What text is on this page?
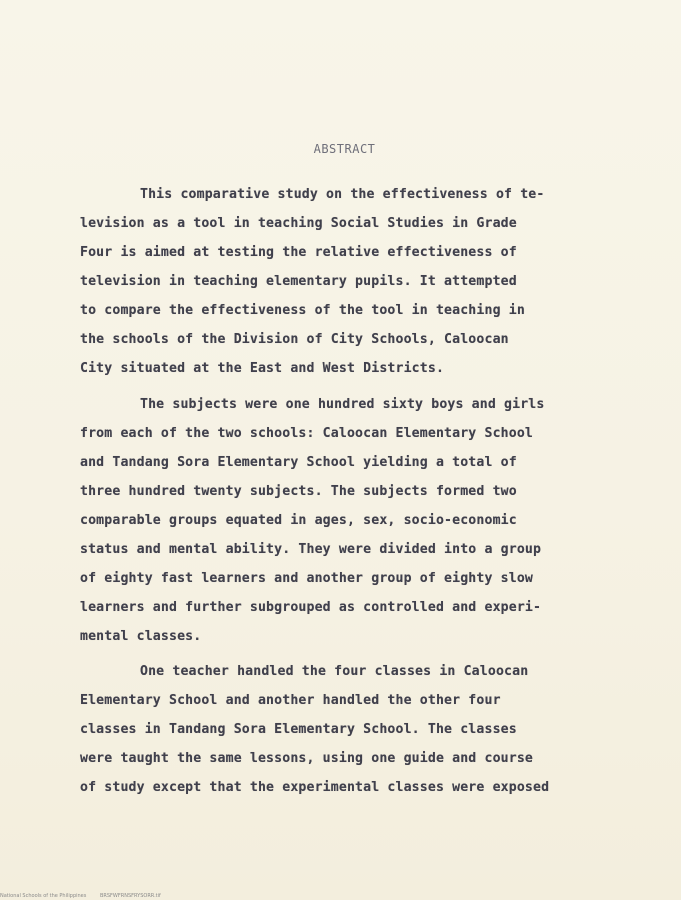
ABSTRACT
This comparative study on the effectiveness of te-
levision as a tool in teaching Social Studies in Grade
Four is aimed at testing the relative effectiveness of
television in teaching elementary pupils. It attempted
to compare the effectiveness of the tool in teaching in
the schools of the Division of City Schools, Caloocan
City situated at the East and West Districts.
The subjects were one hundred sixty boys and girls
from each of the two schools: Caloocan Elementary School
and Tandang Sora Elementary School yielding a total of
three hundred twenty subjects. The subjects formed two
comparable groups equated in ages, sex, socio-economic
status and mental ability. They were divided into a group
of eighty fast learners and another group of eighty slow
learners and further subgrouped as controlled and experi-
mental classes.
One teacher handled the four classes in Caloocan
Elementary School and another handled the other four
classes in Tandang Sora Elementary School. The classes
were taught the same lessons, using one guide and course
of study except that the experimental classes were exposed
National Schools of the Philippines	BRSFWFRNSFRYSORR.tif
